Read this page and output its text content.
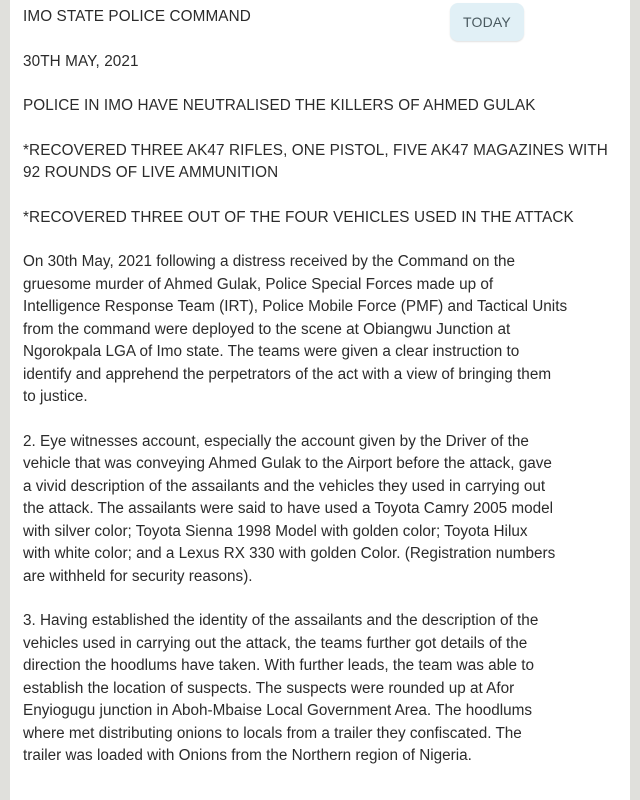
IMO STATE POLICE COMMAND

30TH MAY, 2021

POLICE IN IMO HAVE NEUTRALISED THE KILLERS OF AHMED GULAK

*RECOVERED THREE AK47 RIFLES, ONE PISTOL, FIVE AK47 MAGAZINES WITH

92 ROUNDS OF LIVE AMMUNITION

*RECOVERED THREE OUT OF THE FOUR VEHICLES USED IN THE ATTACK

On 30th May, 2021 following a distress received by the Command on the

gruesome murder of Ahmed Gulak, Police Special Forces made up of

Intelligence Response Team (IRT), Police Mobile Force (PMF) and Tactical Units

from the command were deployed to the scene at Obiangwu Junction at

Ngorokpala LGA of Imo state. The teams were given a clear instruction to

identify and apprehend the perpetrators of the act with a view of bringing them

to justice.

2. Eye witnesses account, especially the account given by the Driver of the

vehicle that was conveying Ahmed Gulak to the Airport before the attack, gave

a vivid description of the assailants and the vehicles they used in carrying out

the attack. The assailants were said to have used a Toyota Camry 2005 model

with silver color; Toyota Sienna 1998 Model with golden color; Toyota Hilux

with white color; and a Lexus RX 330 with golden Color. (Registration numbers

are withheld for security reasons).

3. Having established the identity of the assailants and the description of the

vehicles used in carrying out the attack, the teams further got details of the

direction the hoodlums have taken. With further leads, the team was able to

establish the location of suspects. The suspects were rounded up at Afor

Enyiogugu junction in Aboh-Mbaise Local Government Area. The hoodlums

where met distributing onions to locals from a trailer they confiscated. The

trailer was loaded with Onions from the Northern region of Nigeria.

TODAY
